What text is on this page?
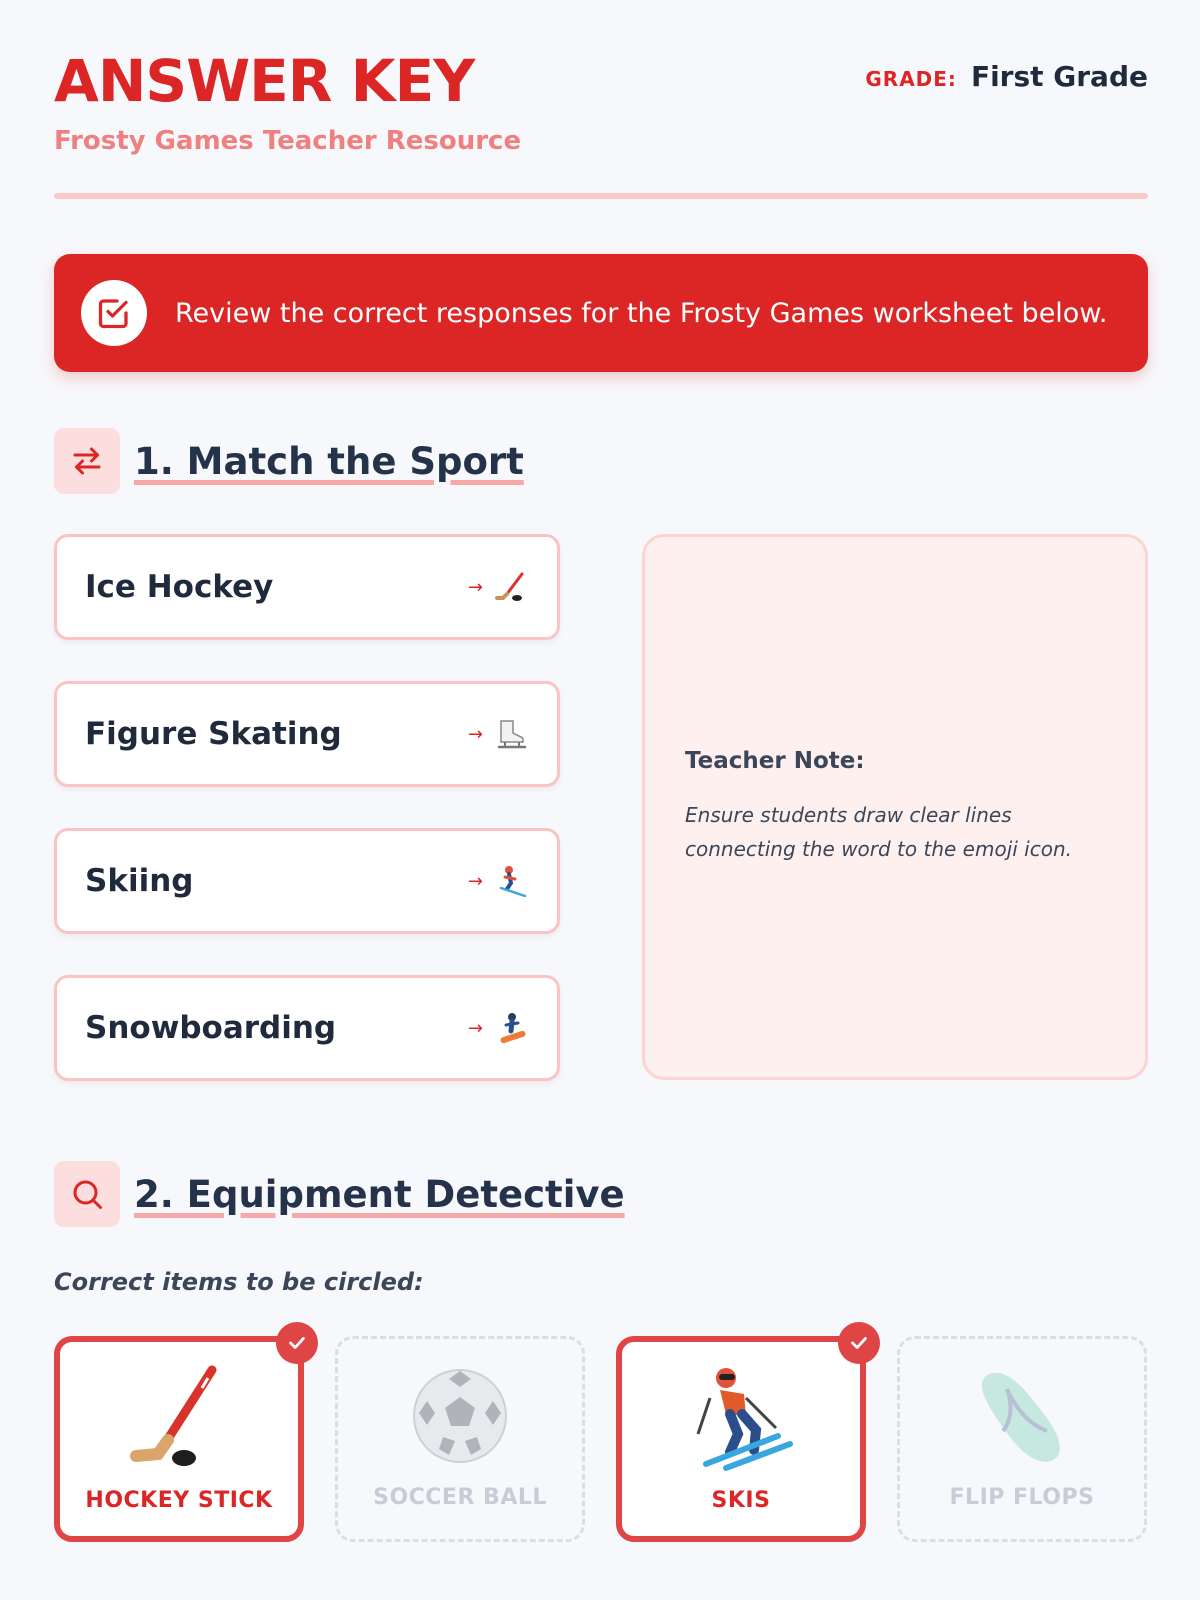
ANSWER KEY
Frosty Games Teacher Resource
GRADE: First Grade
Review the correct responses for the Frosty Games worksheet below.
1. Match the Sport
Ice Hockey	→
Figure Skating	→
Skiing	→
Snowboarding	→
Teacher Note:
Ensure students draw clear lines connecting the word to the emoji icon.
2. Equipment Detective
Correct items to be circled:
HOCKEY STICK	SOCCER BALL	SKIS	FLIP FLOPS
